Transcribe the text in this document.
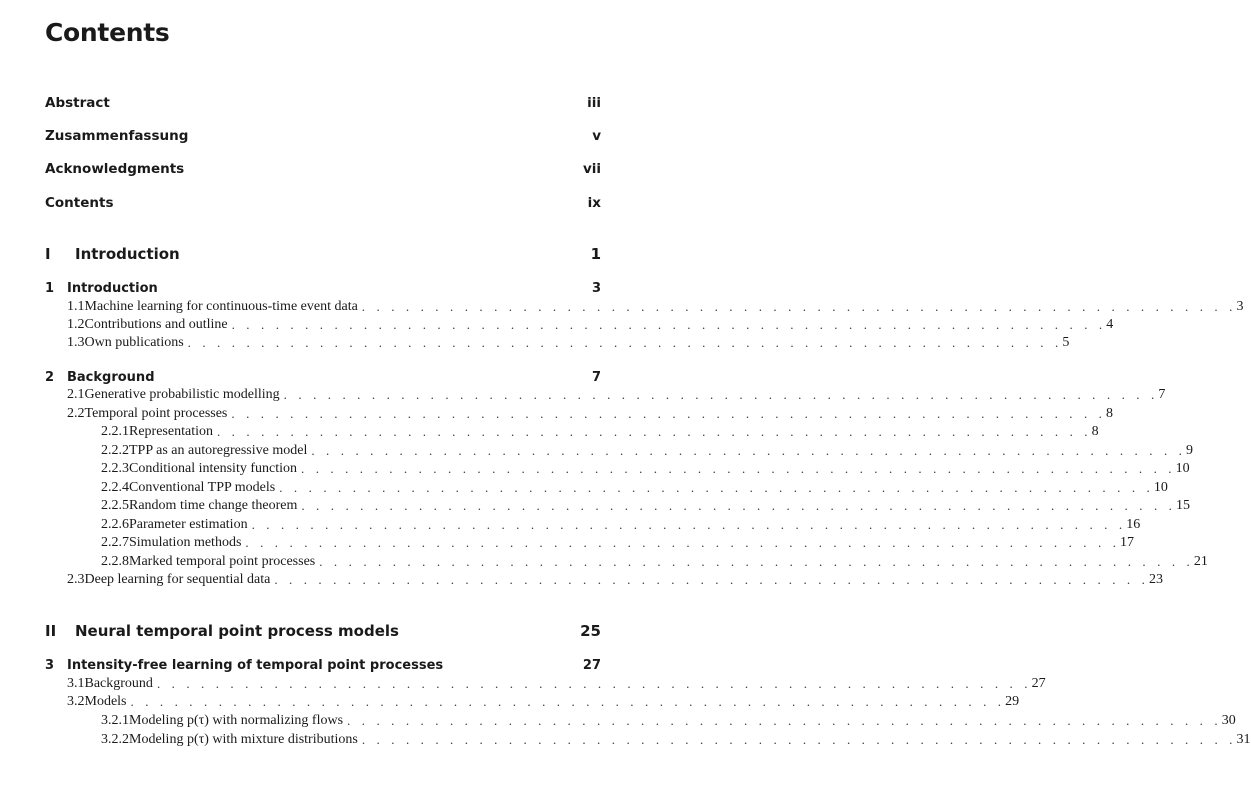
Contents
Abstract	iii
Zusammenfassung	v
Acknowledgments	vii
Contents	ix
I	Introduction	1
1 Introduction	3
1.1 Machine learning for continuous-time event data . . . . . . . . . . . . . . . . . . . . . . . . . . . . . . . . . . . . . . . . . . . . . . . . . . . . . . . . . . . . 3
1.2 Contributions and outline . . . . . . . . . . . . . . . . . . . . . . . . . . . . . . . . . . . . . . . . . . . . . . . . . . . . . . . . . . . . 4
1.3 Own publications . . . . . . . . . . . . . . . . . . . . . . . . . . . . . . . . . . . . . . . . . . . . . . . . . . . . . . . . . . . . 5
2 Background	7
2.1 Generative probabilistic modelling . . . . . . . . . . . . . . . . . . . . . . . . . . . . . . . . . . . . . . . . . . . . . . . . . . . . . . . . . . . . 7
2.2 Temporal point processes . . . . . . . . . . . . . . . . . . . . . . . . . . . . . . . . . . . . . . . . . . . . . . . . . . . . . . . . . . . . 8
2.2.1 Representation . . . . . . . . . . . . . . . . . . . . . . . . . . . . . . . . . . . . . . . . . . . . . . . . . . . . . . . . . . . . 8
2.2.2 TPP as an autoregressive model . . . . . . . . . . . . . . . . . . . . . . . . . . . . . . . . . . . . . . . . . . . . . . . . . . . . . . . . . . . . 9
2.2.3 Conditional intensity function . . . . . . . . . . . . . . . . . . . . . . . . . . . . . . . . . . . . . . . . . . . . . . . . . . . . . . . . . . . . 10
2.2.4 Conventional TPP models . . . . . . . . . . . . . . . . . . . . . . . . . . . . . . . . . . . . . . . . . . . . . . . . . . . . . . . . . . . . 10
2.2.5 Random time change theorem . . . . . . . . . . . . . . . . . . . . . . . . . . . . . . . . . . . . . . . . . . . . . . . . . . . . . . . . . . . . 15
2.2.6 Parameter estimation . . . . . . . . . . . . . . . . . . . . . . . . . . . . . . . . . . . . . . . . . . . . . . . . . . . . . . . . . . . . 16
2.2.7 Simulation methods . . . . . . . . . . . . . . . . . . . . . . . . . . . . . . . . . . . . . . . . . . . . . . . . . . . . . . . . . . . . 17
2.2.8 Marked temporal point processes . . . . . . . . . . . . . . . . . . . . . . . . . . . . . . . . . . . . . . . . . . . . . . . . . . . . . . . . . . . . 21
2.3 Deep learning for sequential data . . . . . . . . . . . . . . . . . . . . . . . . . . . . . . . . . . . . . . . . . . . . . . . . . . . . . . . . . . . . 23
II	Neural temporal point process models	25
3 Intensity-free learning of temporal point processes	27
3.1 Background . . . . . . . . . . . . . . . . . . . . . . . . . . . . . . . . . . . . . . . . . . . . . . . . . . . . . . . . . . . . 27
3.2 Models . . . . . . . . . . . . . . . . . . . . . . . . . . . . . . . . . . . . . . . . . . . . . . . . . . . . . . . . . . . . 29
3.2.1 Modeling p(τ) with normalizing flows . . . . . . . . . . . . . . . . . . . . . . . . . . . . . . . . . . . . . . . . . . . . . . . . . . . . . . . . . . . . 30
3.2.2 Modeling p(τ) with mixture distributions . . . . . . . . . . . . . . . . . . . . . . . . . . . . . . . . . . . . . . . . . . . . . . . . . . . . . . . . . . . . 31
